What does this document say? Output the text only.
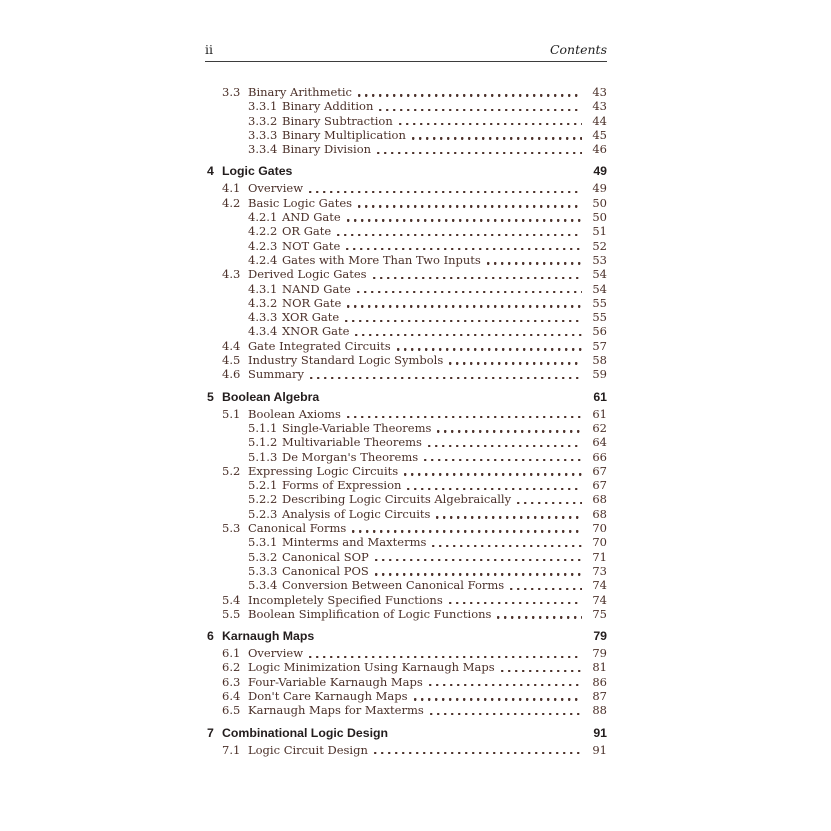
ii	Contents
3.3 Binary Arithmetic	43
3.3.1 Binary Addition	43
3.3.2 Binary Subtraction	44
3.3.3 Binary Multiplication	45
3.3.4 Binary Division	46
4 Logic Gates	49
4.1 Overview	49
4.2 Basic Logic Gates	50
4.2.1 AND Gate	50
4.2.2 OR Gate	51
4.2.3 NOT Gate	52
4.2.4 Gates with More Than Two Inputs	53
4.3 Derived Logic Gates	54
4.3.1 NAND Gate	54
4.3.2 NOR Gate	55
4.3.3 XOR Gate	55
4.3.4 XNOR Gate	56
4.4 Gate Integrated Circuits	57
4.5 Industry Standard Logic Symbols	58
4.6 Summary	59
5 Boolean Algebra	61
5.1 Boolean Axioms	61
5.1.1 Single-Variable Theorems	62
5.1.2 Multivariable Theorems	64
5.1.3 De Morgan's Theorems	66
5.2 Expressing Logic Circuits	67
5.2.1 Forms of Expression	67
5.2.2 Describing Logic Circuits Algebraically	68
5.2.3 Analysis of Logic Circuits	68
5.3 Canonical Forms	70
5.3.1 Minterms and Maxterms	70
5.3.2 Canonical SOP	71
5.3.3 Canonical POS	73
5.3.4 Conversion Between Canonical Forms	74
5.4 Incompletely Specified Functions	74
5.5 Boolean Simplification of Logic Functions	75
6 Karnaugh Maps	79
6.1 Overview	79
6.2 Logic Minimization Using Karnaugh Maps	81
6.3 Four-Variable Karnaugh Maps	86
6.4 Don't Care Karnaugh Maps	87
6.5 Karnaugh Maps for Maxterms	88
7 Combinational Logic Design	91
7.1 Logic Circuit Design	91
